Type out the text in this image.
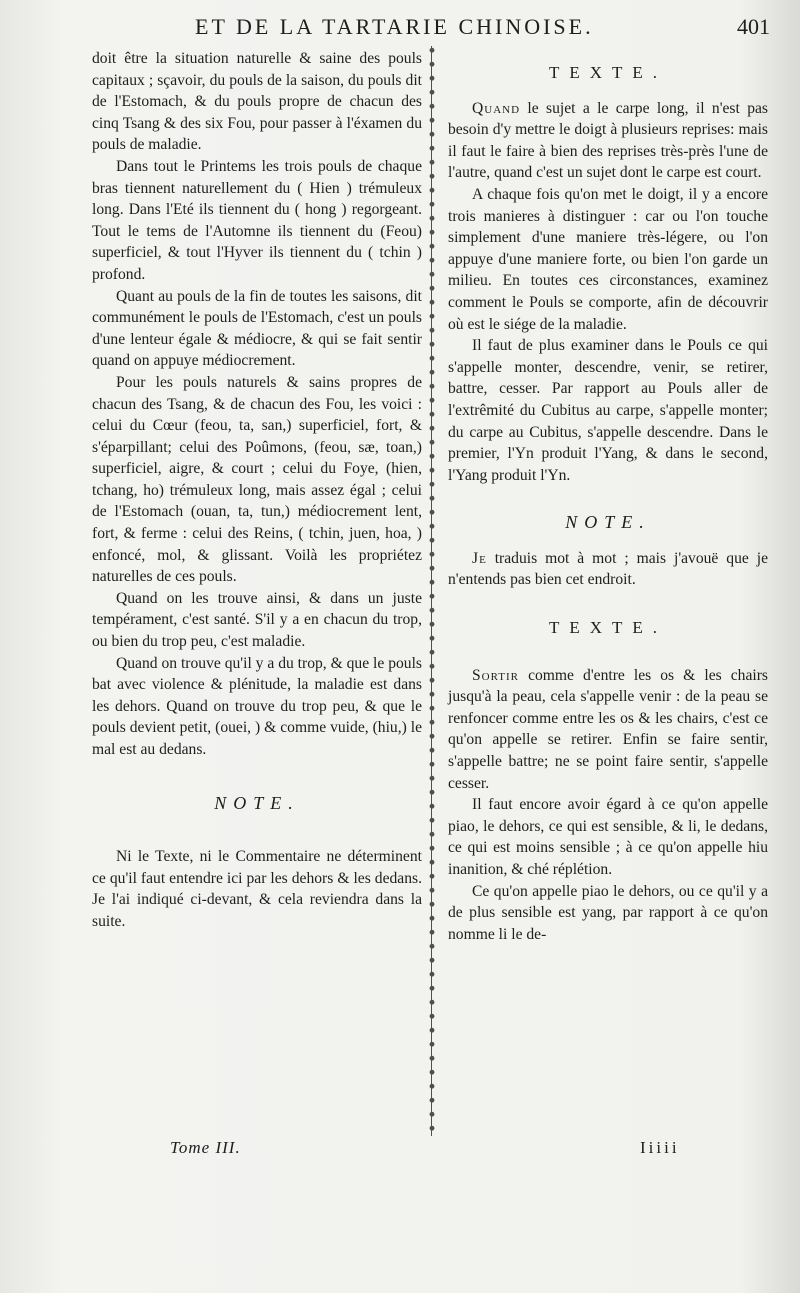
ET DE LA TARTARIE CHINOISE.	401

doit être la situation naturelle & saine des pouls capitaux ; sçavoir, du pouls de la saison, du pouls dit de l'Estomach, & du pouls propre de chacun des cinq Tsang & des six Fou, pour passer à l'éxamen du pouls de maladie.

Dans tout le Printems les trois pouls de chaque bras tiennent naturellement du ( Hien ) trémuleux long. Dans l'Eté ils tiennent du ( hong ) regorgeant. Tout le tems de l'Automne ils tiennent du (Feou) superficiel, & tout l'Hyver ils tiennent du ( tchin ) profond.

Quant au pouls de la fin de toutes les saisons, dit communément le pouls de l'Estomach, c'est un pouls d'une lenteur égale & médiocre, & qui se fait sentir quand on appuye médiocrement.

Pour les pouls naturels & sains propres de chacun des Tsang, & de chacun des Fou, les voici : celui du Cœur (feou, ta, san,) superficiel, fort, & s'éparpillant; celui des Poûmons, (feou, sæ, toan,) superficiel, aigre, & court ; celui du Foye, (hien, tchang, ho) trémuleux long, mais assez égal ; celui de l'Estomach (ouan, ta, tun,) médiocrement lent, fort, & ferme : celui des Reins, ( tchin, juen, hoa, ) enfoncé, mol, & glissant. Voilà les propriétez naturelles de ces pouls.

Quand on les trouve ainsi, & dans un juste tempérament, c'est santé. S'il y a en chacun du trop, ou bien du trop peu, c'est maladie.

Quand on trouve qu'il y a du trop, & que le pouls bat avec violence & plénitude, la maladie est dans les dehors. Quand on trouve du trop peu, & que le pouls devient petit, (ouei, ) & comme vuide, (hiu,) le mal est au dedans.

NOTE.

Ni le Texte, ni le Commentaire ne déterminent ce qu'il faut entendre ici par les dehors & les dedans. Je l'ai indiqué ci-devant, & cela reviendra dans la suite.

TEXTE.

Quand le sujet a le carpe long, il n'est pas besoin d'y mettre le doigt à plusieurs reprises: mais il faut le faire à bien des reprises très-près l'une de l'autre, quand c'est un sujet dont le carpe est court.

A chaque fois qu'on met le doigt, il y a encore trois manieres à distinguer : car ou l'on touche simplement d'une maniere très-légere, ou l'on appuye d'une maniere forte, ou bien l'on garde un milieu. En toutes ces circonstances, examinez comment le Pouls se comporte, afin de découvrir où est le siége de la maladie.

Il faut de plus examiner dans le Pouls ce qui s'appelle monter, descendre, venir, se retirer, battre, cesser. Par rapport au Pouls aller de l'extrêmité du Cubitus au carpe, s'appelle monter; du carpe au Cubitus, s'appelle descendre. Dans le premier, l'Yn produit l'Yang, & dans le second, l'Yang produit l'Yn.

NOTE.

Je traduis mot à mot ; mais j'avouë que je n'entends pas bien cet endroit.

TEXTE.

Sortir comme d'entre les os & les chairs jusqu'à la peau, cela s'appelle venir : de la peau se renfoncer comme entre les os & les chairs, c'est ce qu'on appelle se retirer. Enfin se faire sentir, s'appelle battre; ne se point faire sentir, s'appelle cesser.

Il faut encore avoir égard à ce qu'on appelle piao, le dehors, ce qui est sensible, & li, le dedans, ce qui est moins sensible ; à ce qu'on appelle hiu inanition, & ché réplétion.

Ce qu'on appelle piao le dehors, ou ce qu'il y a de plus sensible est yang, par rapport à ce qu'on nomme li le de-

Tome III.	Iiiii
